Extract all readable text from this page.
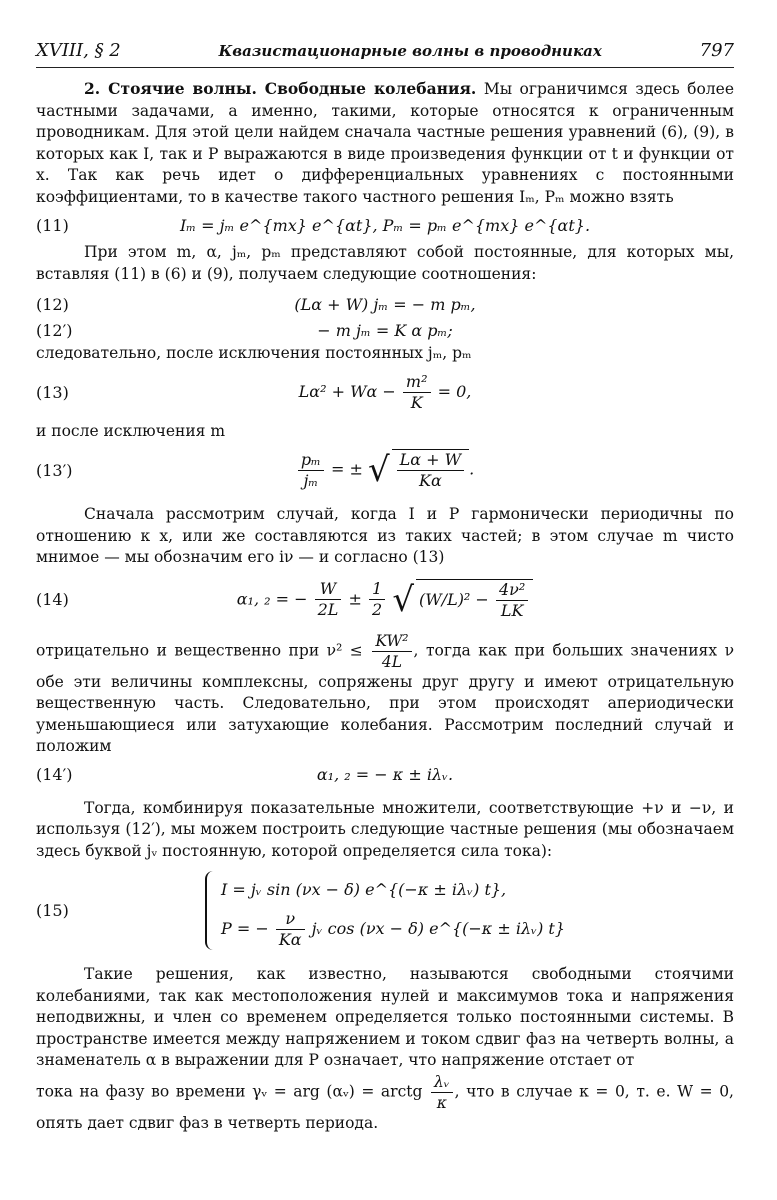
XVIII, § 2	Квазистационарные волны в проводниках	797

2. Стоячие волны. Свободные колебания. Мы ограничимся здесь более частными задачами, а именно, такими, которые относятся к ограниченным проводникам. Для этой цели найдем сначала частные решения уравнений (6), (9), в которых как I, так и P выражаются в виде произведения функции от t и функции от x. Так как речь идет о дифференциальных уравнениях с постоянными коэффициентами, то в качестве такого частного решения Iₘ, Pₘ можно взять

(11)	Iₘ = jₘ e^{mx} e^{αt}, Pₘ = pₘ e^{mx} e^{αt}.

При этом m, α, jₘ, pₘ представляют собой постоянные, для которых мы, вставляя (11) в (6) и (9), получаем следующие соотношения:

(12)	(Lα + W) jₘ = − m pₘ,
(12′)	− m jₘ = K α pₘ;

следовательно, после исключения постоянных jₘ, pₘ

(13)	$L\alpha^2 + W\alpha - \frac{\text{m²}}{K} = 0$,

и после исключения m

(13′)	$\frac{\text{pₘ}}{\text{jₘ}}$ = ± √ $\frac{L\alpha + W}{K\alpha}$ .

Сначала рассмотрим случай, когда I и P гармонически периодичны по отношению к x, или же составляются из таких частей; в этом случае m чисто мнимое — мы обозначим его iν — и согласно (13)

(14)	α₁, ₂ = − $\frac{W}{2L} \pm \frac{1}{2}$ √ $(W/L)^2 - \frac{\text{4ν²}}{LK}$

отрицательно и вещественно при $\nu^2 \le \frac{\text{KW²}}{4L}$ , тогда как при больших значениях ν обе эти величины комплексны, сопряжены друг другу и имеют отрицательную вещественную часть. Следовательно, при этом происходят апериодически уменьшающиеся или затухающие колебания. Рассмотрим последний случай и положим

(14′)	α₁, ₂ = − κ ± iλᵥ.

Тогда, комбинируя показательные множители, соответствующие +ν и −ν, и используя (12′), мы можем построить следующие частные решения (мы обозначаем здесь буквой jᵥ постоянную, которой определяется сила тока):

(15)
I = jᵥ sin (νx − δ) e^{(−κ ± iλᵥ) t},
P = − $\frac{\nu}{K\alpha}$ jᵥ cos (νx − δ) e^{(−κ ± iλᵥ) t}

Такие решения, как известно, называются свободными стоячими колебаниями, так как местоположения нулей и максимумов тока и напряжения неподвижны, и член со временем определяется только постоянными системы. В пространстве имеется между напряжением и током сдвиг фаз на четверть волны, а знаменатель α в выражении для P означает, что напряжение отстает от

тока на фазу во времени γᵥ = arg (αᵥ) = arctg $\frac{\text{λᵥ}}{\kappa}$ , что в случае κ = 0, т. е. W = 0, опять дает сдвиг фаз в четверть периода.
